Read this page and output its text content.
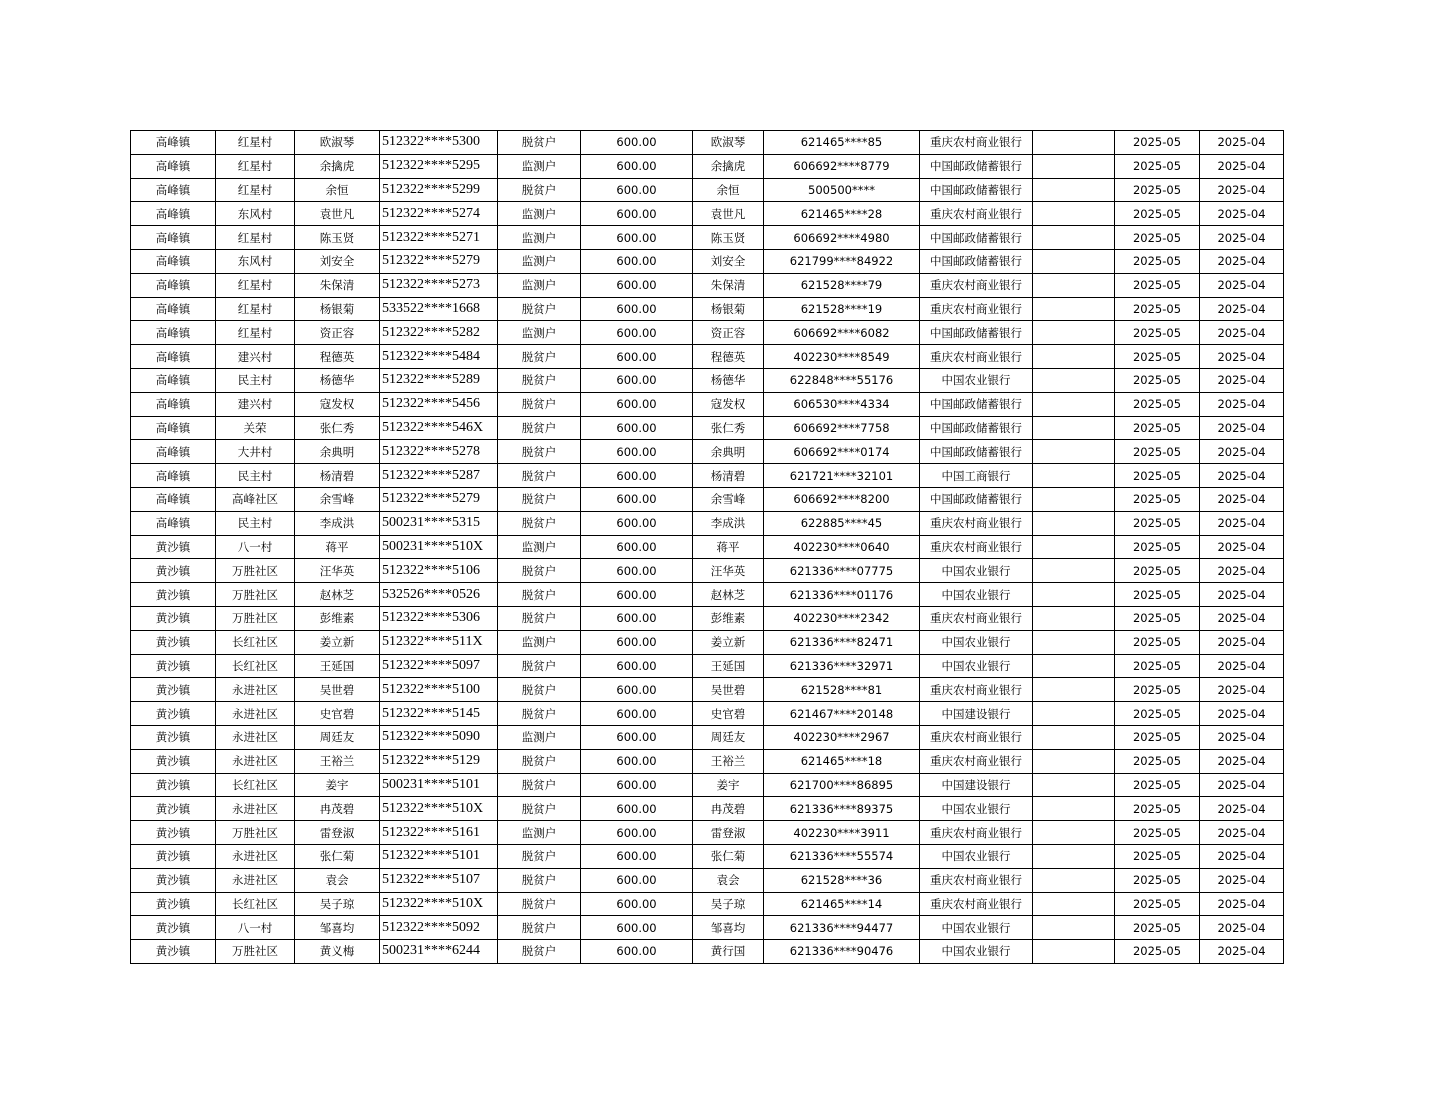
高峰镇	红星村	欧淑琴	512322****5300	脱贫户	600.00	欧淑琴	621465****85	重庆农村商业银行		2025-05	2025-04
高峰镇	红星村	余擒虎	512322****5295	监测户	600.00	余擒虎	606692****8779	中国邮政储蓄银行		2025-05	2025-04
高峰镇	红星村	余恒	512322****5299	脱贫户	600.00	余恒	500500****	中国邮政储蓄银行		2025-05	2025-04
高峰镇	东风村	袁世凡	512322****5274	监测户	600.00	袁世凡	621465****28	重庆农村商业银行		2025-05	2025-04
高峰镇	红星村	陈玉贤	512322****5271	监测户	600.00	陈玉贤	606692****4980	中国邮政储蓄银行		2025-05	2025-04
高峰镇	东风村	刘安全	512322****5279	监测户	600.00	刘安全	621799****84922	中国邮政储蓄银行		2025-05	2025-04
高峰镇	红星村	朱保清	512322****5273	监测户	600.00	朱保清	621528****79	重庆农村商业银行		2025-05	2025-04
高峰镇	红星村	杨银菊	533522****1668	脱贫户	600.00	杨银菊	621528****19	重庆农村商业银行		2025-05	2025-04
高峰镇	红星村	资正容	512322****5282	监测户	600.00	资正容	606692****6082	中国邮政储蓄银行		2025-05	2025-04
高峰镇	建兴村	程德英	512322****5484	脱贫户	600.00	程德英	402230****8549	重庆农村商业银行		2025-05	2025-04
高峰镇	民主村	杨德华	512322****5289	脱贫户	600.00	杨德华	622848****55176	中国农业银行		2025-05	2025-04
高峰镇	建兴村	寇发权	512322****5456	脱贫户	600.00	寇发权	606530****4334	中国邮政储蓄银行		2025-05	2025-04
高峰镇	关荣	张仁秀	512322****546X	脱贫户	600.00	张仁秀	606692****7758	中国邮政储蓄银行		2025-05	2025-04
高峰镇	大井村	余典明	512322****5278	脱贫户	600.00	余典明	606692****0174	中国邮政储蓄银行		2025-05	2025-04
高峰镇	民主村	杨清碧	512322****5287	脱贫户	600.00	杨清碧	621721****32101	中国工商银行		2025-05	2025-04
高峰镇	高峰社区	余雪峰	512322****5279	脱贫户	600.00	余雪峰	606692****8200	中国邮政储蓄银行		2025-05	2025-04
高峰镇	民主村	李成洪	500231****5315	脱贫户	600.00	李成洪	622885****45	重庆农村商业银行		2025-05	2025-04
黄沙镇	八一村	蒋平	500231****510X	监测户	600.00	蒋平	402230****0640	重庆农村商业银行		2025-05	2025-04
黄沙镇	万胜社区	汪华英	512322****5106	脱贫户	600.00	汪华英	621336****07775	中国农业银行		2025-05	2025-04
黄沙镇	万胜社区	赵林芝	532526****0526	脱贫户	600.00	赵林芝	621336****01176	中国农业银行		2025-05	2025-04
黄沙镇	万胜社区	彭维素	512322****5306	脱贫户	600.00	彭维素	402230****2342	重庆农村商业银行		2025-05	2025-04
黄沙镇	长红社区	姜立新	512322****511X	监测户	600.00	姜立新	621336****82471	中国农业银行		2025-05	2025-04
黄沙镇	长红社区	王延国	512322****5097	脱贫户	600.00	王延国	621336****32971	中国农业银行		2025-05	2025-04
黄沙镇	永进社区	吴世碧	512322****5100	脱贫户	600.00	吴世碧	621528****81	重庆农村商业银行		2025-05	2025-04
黄沙镇	永进社区	史官碧	512322****5145	脱贫户	600.00	史官碧	621467****20148	中国建设银行		2025-05	2025-04
黄沙镇	永进社区	周廷友	512322****5090	监测户	600.00	周廷友	402230****2967	重庆农村商业银行		2025-05	2025-04
黄沙镇	永进社区	王裕兰	512322****5129	脱贫户	600.00	王裕兰	621465****18	重庆农村商业银行		2025-05	2025-04
黄沙镇	长红社区	姜宇	500231****5101	脱贫户	600.00	姜宇	621700****86895	中国建设银行		2025-05	2025-04
黄沙镇	永进社区	冉茂碧	512322****510X	脱贫户	600.00	冉茂碧	621336****89375	中国农业银行		2025-05	2025-04
黄沙镇	万胜社区	雷登淑	512322****5161	监测户	600.00	雷登淑	402230****3911	重庆农村商业银行		2025-05	2025-04
黄沙镇	永进社区	张仁菊	512322****5101	脱贫户	600.00	张仁菊	621336****55574	中国农业银行		2025-05	2025-04
黄沙镇	永进社区	袁会	512322****5107	脱贫户	600.00	袁会	621528****36	重庆农村商业银行		2025-05	2025-04
黄沙镇	长红社区	吴子琼	512322****510X	脱贫户	600.00	吴子琼	621465****14	重庆农村商业银行		2025-05	2025-04
黄沙镇	八一村	邹喜均	512322****5092	脱贫户	600.00	邹喜均	621336****94477	中国农业银行		2025-05	2025-04
黄沙镇	万胜社区	黄义梅	500231****6244	脱贫户	600.00	黄行国	621336****90476	中国农业银行		2025-05	2025-04
